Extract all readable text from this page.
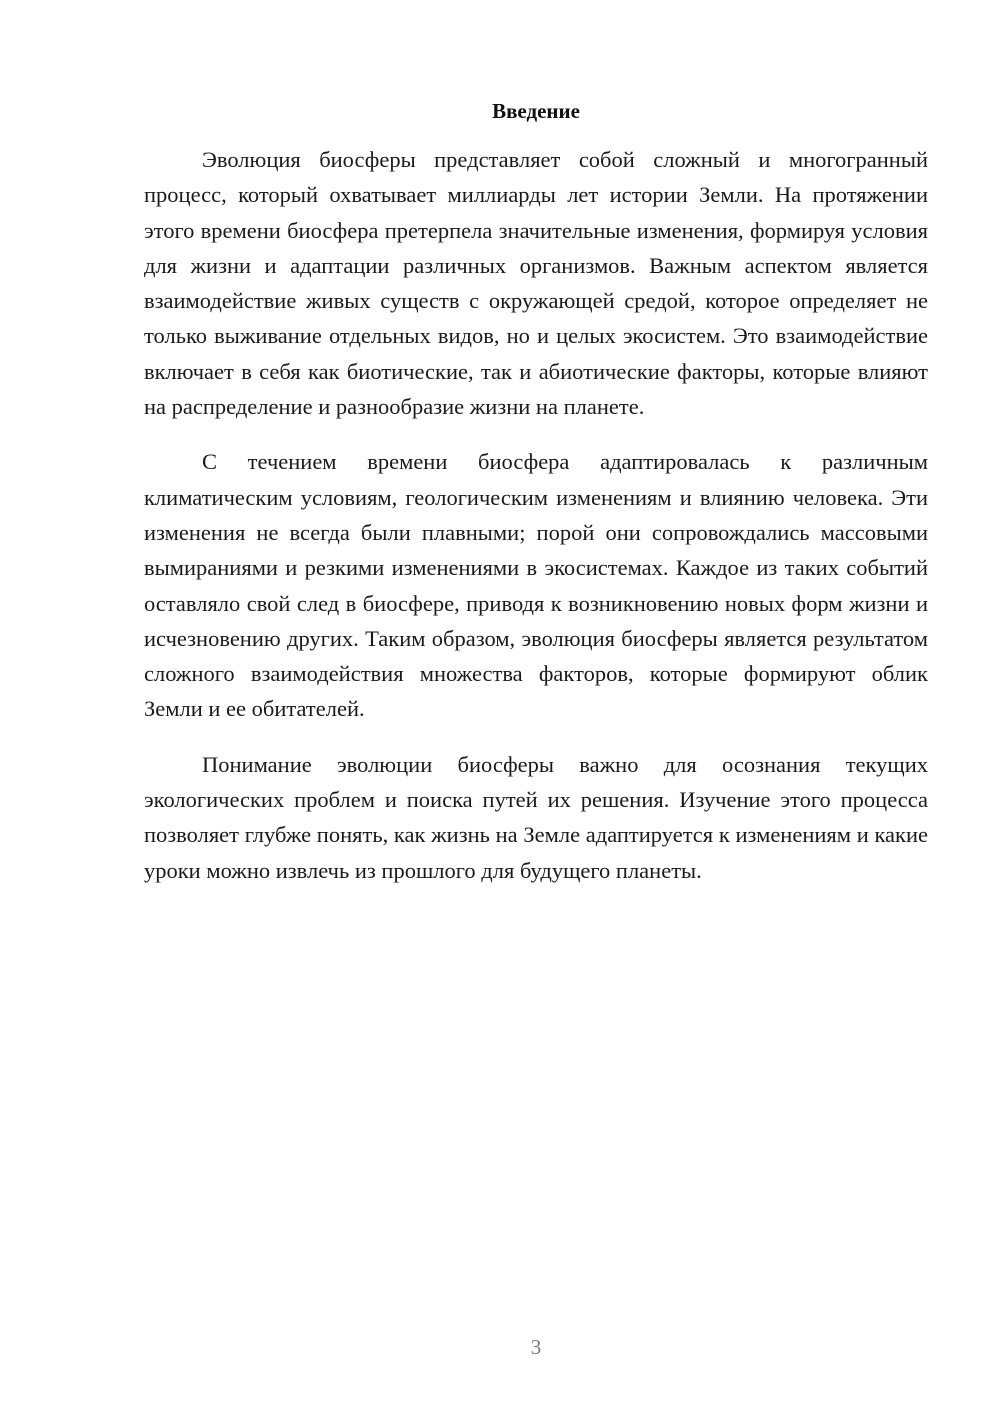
Введение

Эволюция биосферы представляет собой сложный и многогранный процесс, который охватывает миллиарды лет истории Земли. На протяжении этого времени биосфера претерпела значительные изменения, формируя условия для жизни и адаптации различных организмов. Важным аспектом является взаимодействие живых существ с окружающей средой, которое определяет не только выживание отдельных видов, но и целых экосистем. Это взаимодействие включает в себя как биотические, так и абиотические факторы, которые влияют на распределение и разнообразие жизни на планете.

С течением времени биосфера адаптировалась к различным климатическим условиям, геологическим изменениям и влиянию человека. Эти изменения не всегда были плавными; порой они сопровождались массовыми вымираниями и резкими изменениями в экосистемах. Каждое из таких событий оставляло свой след в биосфере, приводя к возникновению новых форм жизни и исчезновению других. Таким образом, эволюция биосферы является результатом сложного взаимодействия множества факторов, которые формируют облик Земли и ее обитателей.

Понимание эволюции биосферы важно для осознания текущих экологических проблем и поиска путей их решения. Изучение этого процесса позволяет глубже понять, как жизнь на Земле адаптируется к изменениям и какие уроки можно извлечь из прошлого для будущего планеты.

3
